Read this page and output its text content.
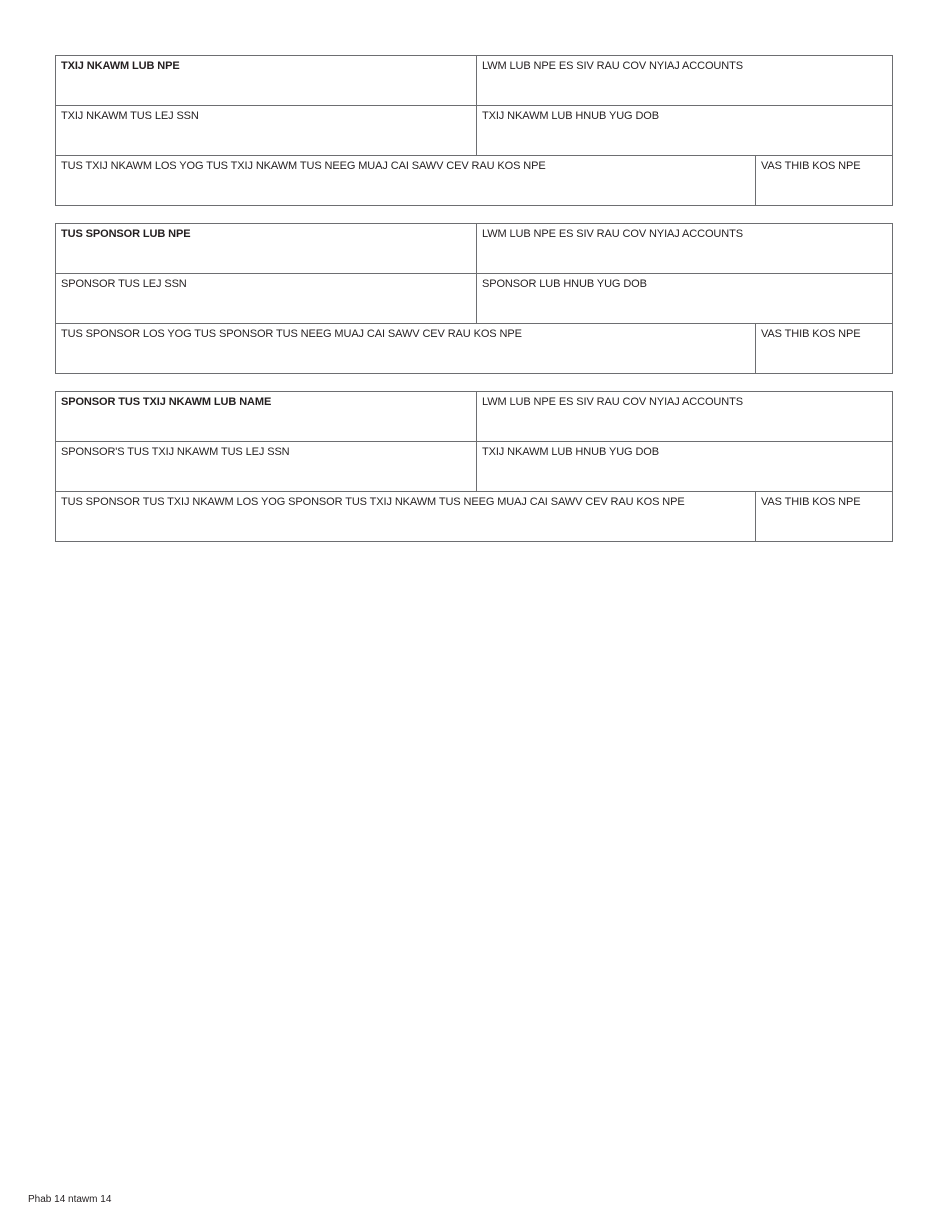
TXIJ NKAWM LUB NPE	LWM LUB NPE ES SIV RAU COV NYIAJ ACCOUNTS
TXIJ NKAWM TUS LEJ SSN	TXIJ NKAWM LUB HNUB YUG DOB
TUS TXIJ NKAWM LOS YOG TUS TXIJ NKAWM TUS NEEG MUAJ CAI SAWV CEV RAU KOS NPE	VAS THIB KOS NPE
TUS SPONSOR LUB NPE	LWM LUB NPE ES SIV RAU COV NYIAJ ACCOUNTS
SPONSOR TUS LEJ SSN	SPONSOR LUB HNUB YUG DOB
TUS SPONSOR LOS YOG TUS SPONSOR TUS NEEG MUAJ CAI SAWV CEV RAU KOS NPE	VAS THIB KOS NPE
SPONSOR TUS TXIJ NKAWM LUB NAME	LWM LUB NPE ES SIV RAU COV NYIAJ ACCOUNTS
SPONSOR'S TUS TXIJ NKAWM TUS LEJ SSN	TXIJ NKAWM LUB HNUB YUG DOB
TUS SPONSOR TUS TXIJ NKAWM LOS YOG SPONSOR TUS TXIJ NKAWM TUS NEEG MUAJ CAI SAWV CEV RAU KOS NPE	VAS THIB KOS NPE
Phab 14 ntawm 14
